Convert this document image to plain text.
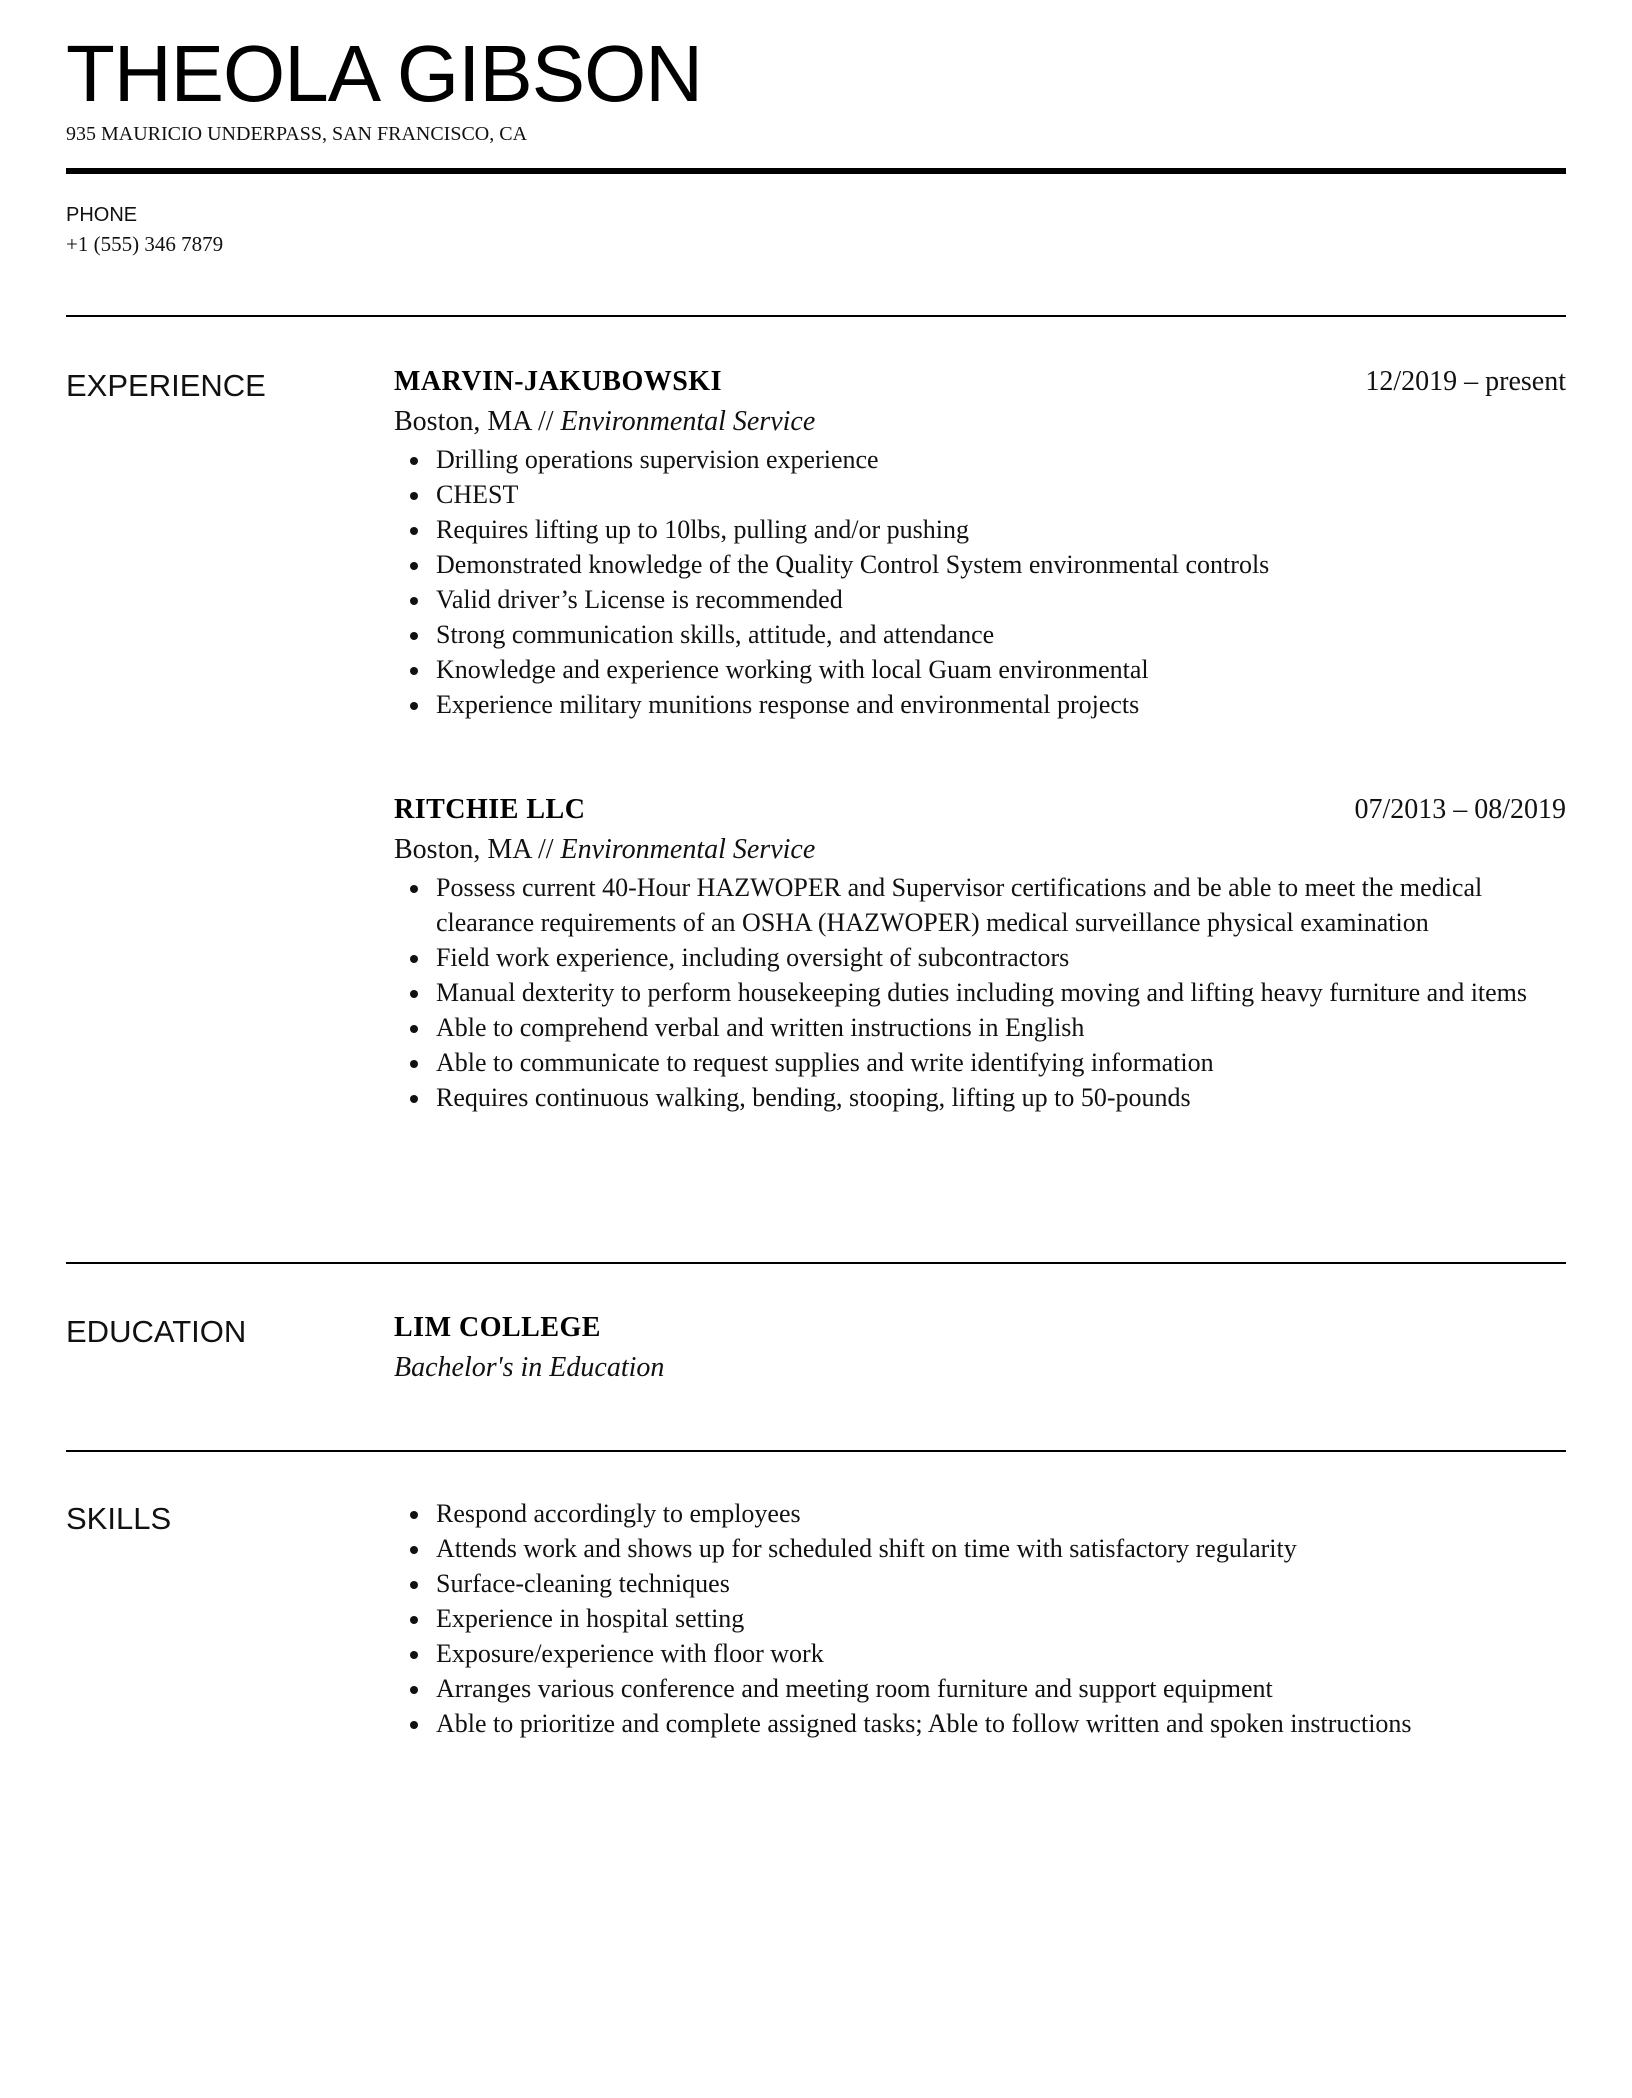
THEOLA GIBSON
935 MAURICIO UNDERPASS, SAN FRANCISCO, CA
PHONE
+1 (555) 346 7879
EXPERIENCE	MARVIN-JAKUBOWSKI	12/2019 – present
Boston, MA // Environmental Service
Drilling operations supervision experience
CHEST
Requires lifting up to 10lbs, pulling and/or pushing
Demonstrated knowledge of the Quality Control System environmental controls
Valid driver’s License is recommended
Strong communication skills, attitude, and attendance
Knowledge and experience working with local Guam environmental
Experience military munitions response and environmental projects
RITCHIE LLC	07/2013 – 08/2019
Boston, MA // Environmental Service
Possess current 40-Hour HAZWOPER and Supervisor certifications and be able to meet the medical clearance requirements of an OSHA (HAZWOPER) medical surveillance physical examination
Field work experience, including oversight of subcontractors
Manual dexterity to perform housekeeping duties including moving and lifting heavy furniture and items
Able to comprehend verbal and written instructions in English
Able to communicate to request supplies and write identifying information
Requires continuous walking, bending, stooping, lifting up to 50-pounds
EDUCATION	LIM COLLEGE
Bachelor's in Education
SKILLS	Respond accordingly to employees
Attends work and shows up for scheduled shift on time with satisfactory regularity
Surface-cleaning techniques
Experience in hospital setting
Exposure/experience with floor work
Arranges various conference and meeting room furniture and support equipment
Able to prioritize and complete assigned tasks; Able to follow written and spoken instructions
